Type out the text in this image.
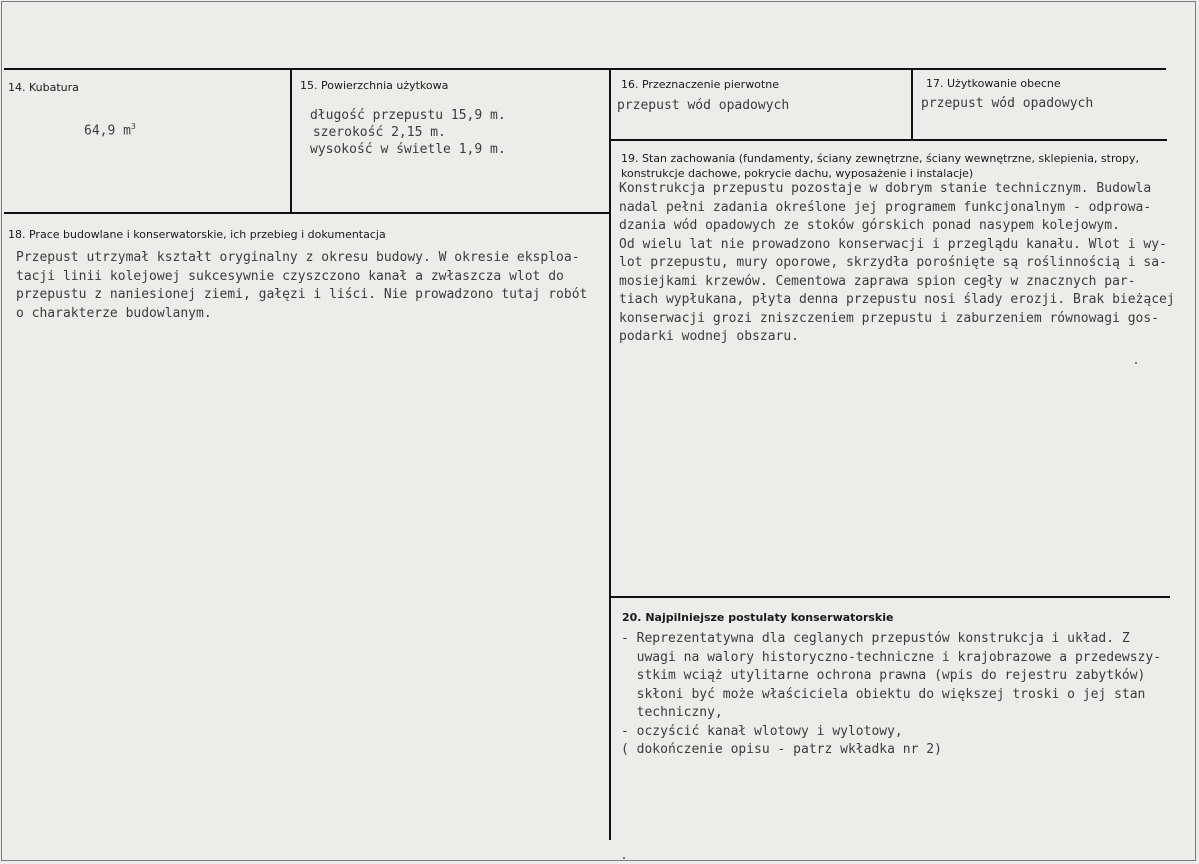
14. Kubatura
64,9 $m^3$
15. Powierzchnia użytkowa
długość przepustu 15,9 m.
szerokość 2,15 m.
wysokość w świetle 1,9 m.
16. Przeznaczenie pierwotne
przepust wód opadowych
17. Użytkowanie obecne
przepust wód opadowych
18. Prace budowlane i konserwatorskie, ich przebieg i dokumentacja
Przepust utrzymał kształt oryginalny z okresu budowy. W okresie eksploa-
tacji linii kolejowej sukcesywnie czyszczono kanał a zwłaszcza wlot do
przepustu z naniesionej ziemi, gałęzi i liści. Nie prowadzono tutaj robót
o charakterze budowlanym.
19. Stan zachowania (fundamenty, ściany zewnętrzne, ściany wewnętrzne, sklepienia, stropy, konstrukcje dachowe, pokrycie dachu, wyposażenie i instalacje)
Konstrukcja przepustu pozostaje w dobrym stanie technicznym. Budowla
nadal pełni zadania określone jej programem funkcjonalnym - odprowa-
dzania wód opadowych ze stoków górskich ponad nasypem kolejowym.
Od wielu lat nie prowadzono konserwacji i przeglądu kanału. Wlot i wy-
lot przepustu, mury oporowe, skrzydła porośnięte są roślinnością i sa-
mosiejkami krzewów. Cementowa zaprawa spion cegły w znacznych par-
tiach wypłukana, płyta denna przepustu nosi ślady erozji. Brak bieżącej
konserwacji grozi zniszczeniem przepustu i zaburzeniem równowagi gos-
podarki wodnej obszaru.
20. Najpilniejsze postulaty konserwatorskie
- Reprezentatywna dla ceglanych przepustów konstrukcja i układ. Z
uwagi na walory historyczno-techniczne i krajobrazowe a przedewszy-
stkim wciąż utylitarne ochrona prawna (wpis do rejestru zabytków)
skłoni być może właściciela obiektu do większej troski o jej stan
techniczny,
- oczyścić kanał wlotowy i wylotowy,
( dokończenie opisu - patrz wkładka nr 2)
